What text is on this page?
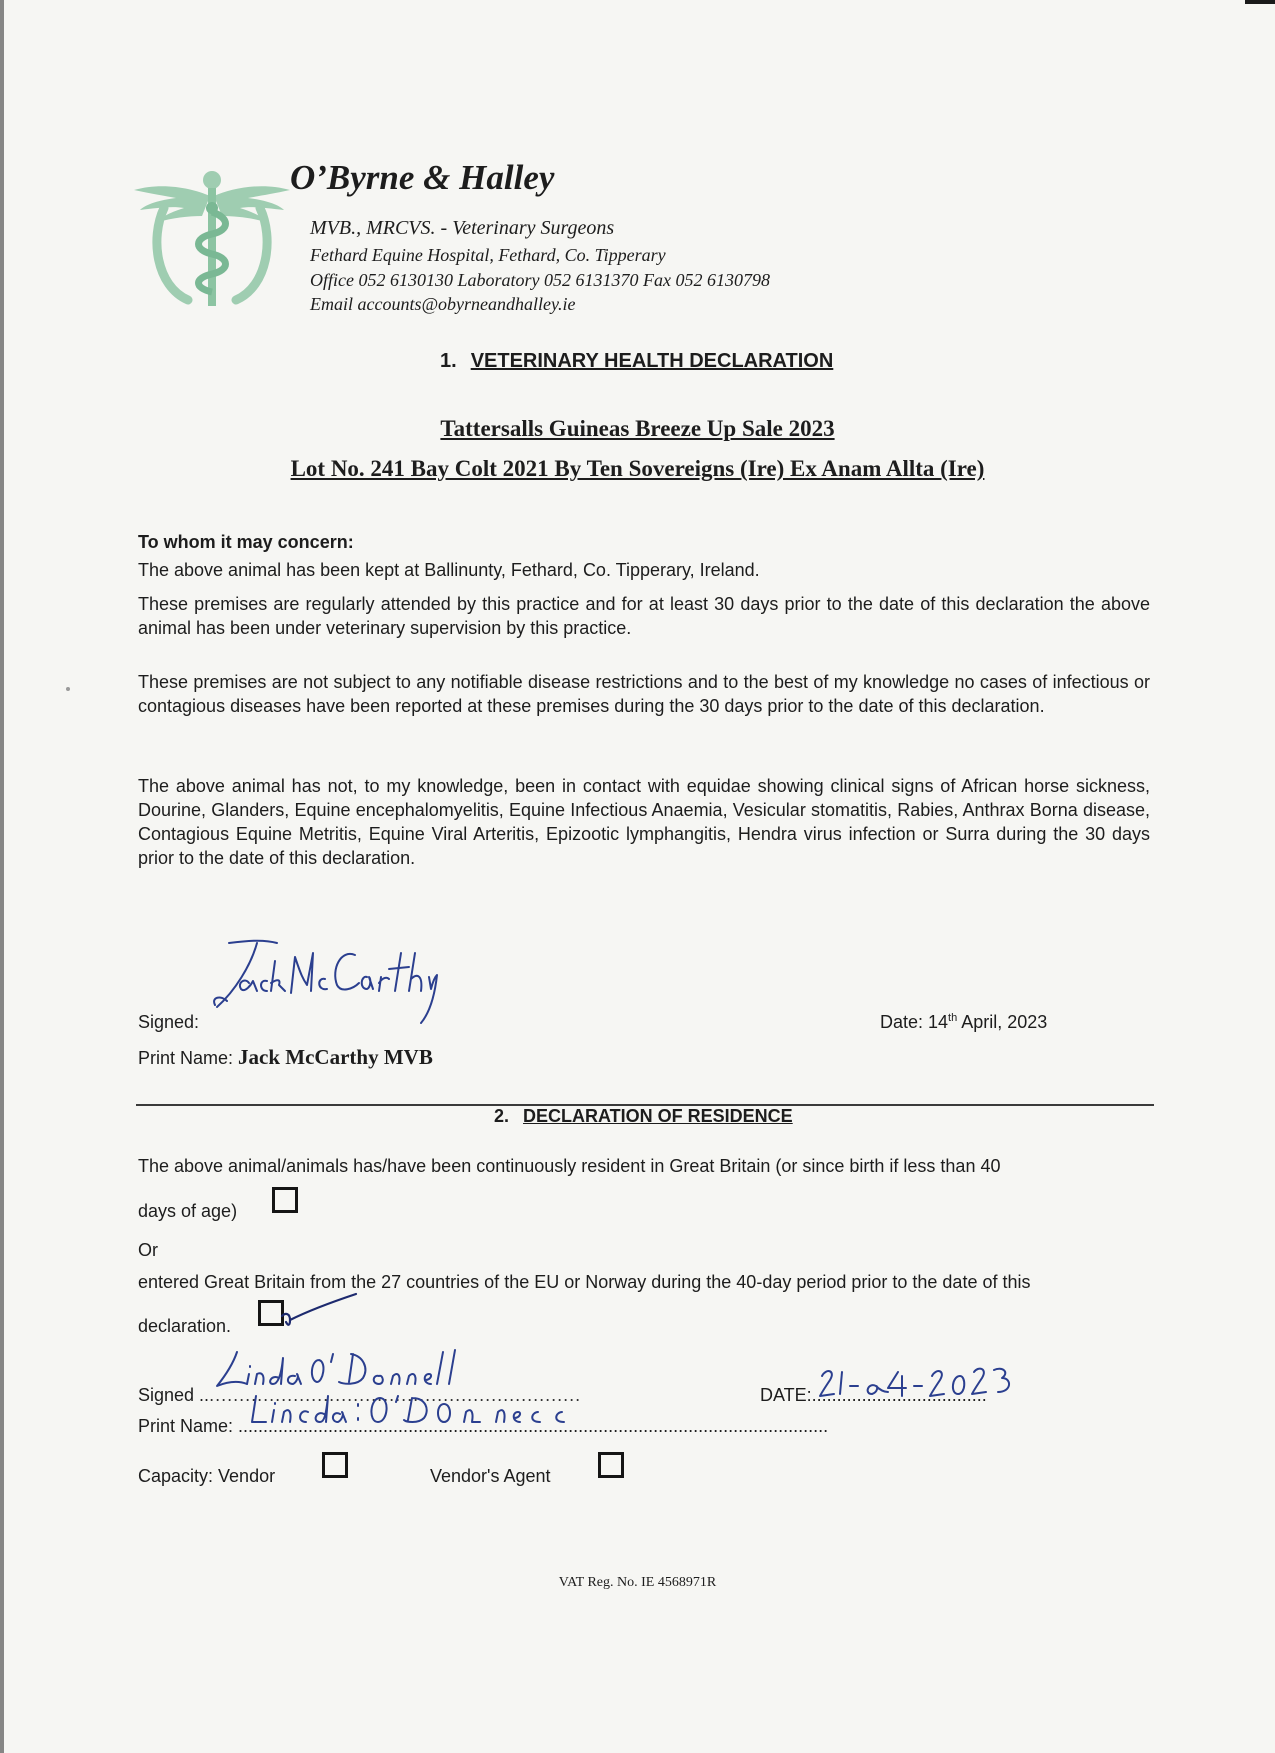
O’Byrne & Halley
MVB., MRCVS. - Veterinary Surgeons
Fethard Equine Hospital, Fethard, Co. Tipperary
Office 052 6130130 Laboratory 052 6131370 Fax 052 6130798
Email accounts@obyrneandhalley.ie
1. VETERINARY HEALTH DECLARATION
Tattersalls Guineas Breeze Up Sale 2023
Lot No. 241 Bay Colt 2021 By Ten Sovereigns (Ire) Ex Anam Allta (Ire)
To whom it may concern:
The above animal has been kept at Ballinunty, Fethard, Co. Tipperary, Ireland.
These premises are regularly attended by this practice and for at least 30 days prior to the date of this declaration the above animal has been under veterinary supervision by this practice.
These premises are not subject to any notifiable disease restrictions and to the best of my knowledge no cases of infectious or contagious diseases have been reported at these premises during the 30 days prior to the date of this declaration.
The above animal has not, to my knowledge, been in contact with equidae showing clinical signs of African horse sickness, Dourine, Glanders, Equine encephalomyelitis, Equine Infectious Anaemia, Vesicular stomatitis, Rabies, Anthrax Borna disease, Contagious Equine Metritis, Equine Viral Arteritis, Epizootic lymphangitis, Hendra virus infection or Surra during the 30 days prior to the date of this declaration.
Signed:	Date: 14th April, 2023
Print Name: Jack McCarthy MVB
2. DECLARATION OF RESIDENCE
The above animal/animals has/have been continuously resident in Great Britain (or since birth if less than 40
days of age)
Or
entered Great Britain from the 27 countries of the EU or Norway during the 40-day period prior to the date of this
declaration.
Signed ................................................................	DATE:...................................
Print Name: ......................................................................................................................
Capacity: Vendor	Vendor's Agent
VAT Reg. No. IE 4568971R
